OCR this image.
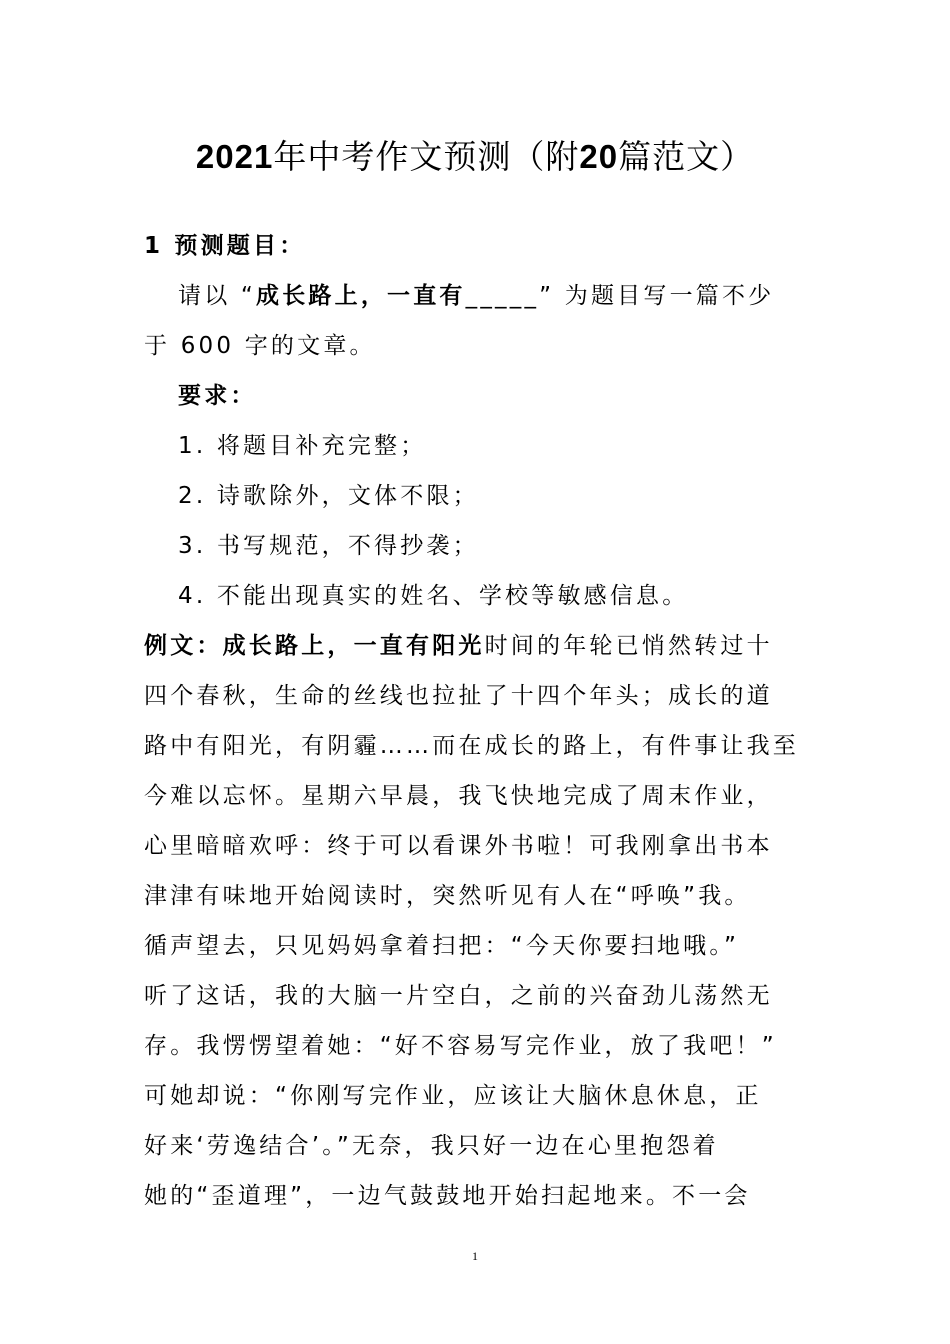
2021年中考作文预测（附20篇范文）
1 预测题目：
请以 “成长路上，一直有_____” 为题目写一篇不少
于 600 字的文章。
要求：
1. 将题目补充完整；
2. 诗歌除外，文体不限；
3. 书写规范，不得抄袭；
4. 不能出现真实的姓名、学校等敏感信息。
例文：成长路上，一直有阳光时间的年轮已悄然转过十
四个春秋，生命的丝线也拉扯了十四个年头；成长的道
路中有阳光，有阴霾……而在成长的路上，有件事让我至
今难以忘怀。星期六早晨，我飞快地完成了周末作业，
心里暗暗欢呼：终于可以看课外书啦！可我刚拿出书本
津津有味地开始阅读时，突然听见有人在“呼唤”我。
循声望去，只见妈妈拿着扫把：“今天你要扫地哦。”
听了这话，我的大脑一片空白，之前的兴奋劲儿荡然无
存。我愣愣望着她：“好不容易写完作业，放了我吧！”
可她却说：“你刚写完作业，应该让大脑休息休息，正
好来‘劳逸结合’。”无奈，我只好一边在心里抱怨着
她的“歪道理”，一边气鼓鼓地开始扫起地来。不一会
1
